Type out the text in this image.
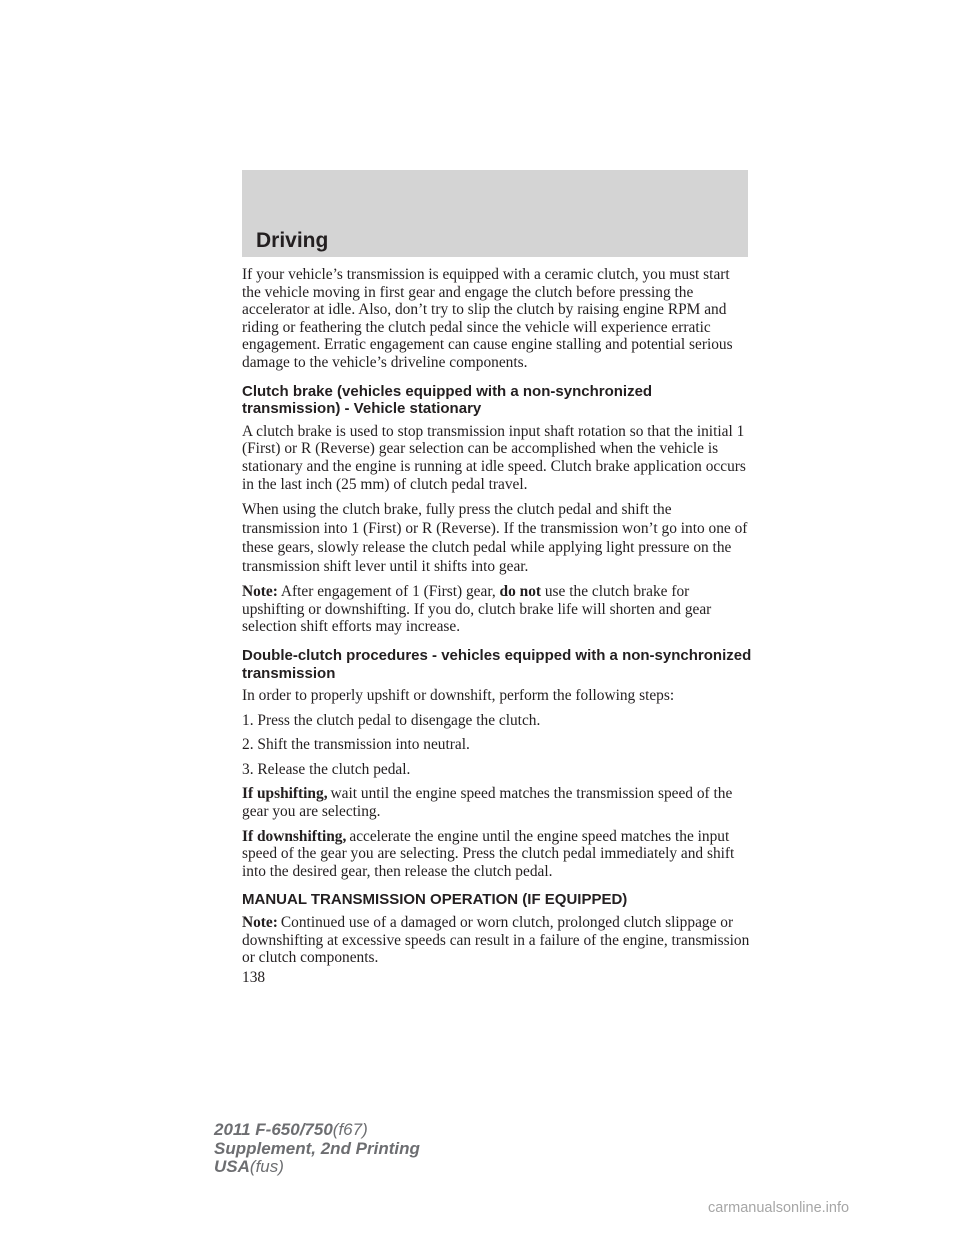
Driving

If your vehicle’s transmission is equipped with a ceramic clutch, you must start the vehicle moving in first gear and engage the clutch before pressing the accelerator at idle. Also, don’t try to slip the clutch by raising engine RPM and riding or feathering the clutch pedal since the vehicle will experience erratic engagement. Erratic engagement can cause engine stalling and potential serious damage to the vehicle’s driveline components.

Clutch brake (vehicles equipped with a non-synchronized transmission) - Vehicle stationary

A clutch brake is used to stop transmission input shaft rotation so that the initial 1 (First) or R (Reverse) gear selection can be accomplished when the vehicle is stationary and the engine is running at idle speed. Clutch brake application occurs in the last inch (25 mm) of clutch pedal travel.

When using the clutch brake, fully press the clutch pedal and shift the transmission into 1 (First) or R (Reverse). If the transmission won’t go into one of these gears, slowly release the clutch pedal while applying light pressure on the transmission shift lever until it shifts into gear.

Note: After engagement of 1 (First) gear, do not use the clutch brake for upshifting or downshifting. If you do, clutch brake life will shorten and gear selection shift efforts may increase.

Double-clutch procedures - vehicles equipped with a non-synchronized transmission

In order to properly upshift or downshift, perform the following steps:

1. Press the clutch pedal to disengage the clutch.

2. Shift the transmission into neutral.

3. Release the clutch pedal.

If upshifting, wait until the engine speed matches the transmission speed of the gear you are selecting.

If downshifting, accelerate the engine until the engine speed matches the input speed of the gear you are selecting. Press the clutch pedal immediately and shift into the desired gear, then release the clutch pedal.

MANUAL TRANSMISSION OPERATION (IF EQUIPPED)

Note: Continued use of a damaged or worn clutch, prolonged clutch slippage or downshifting at excessive speeds can result in a failure of the engine, transmission or clutch components.

138
2011 F-650/750(f67)
Supplement, 2nd Printing
USA(fus)
carmanualsonline.info
